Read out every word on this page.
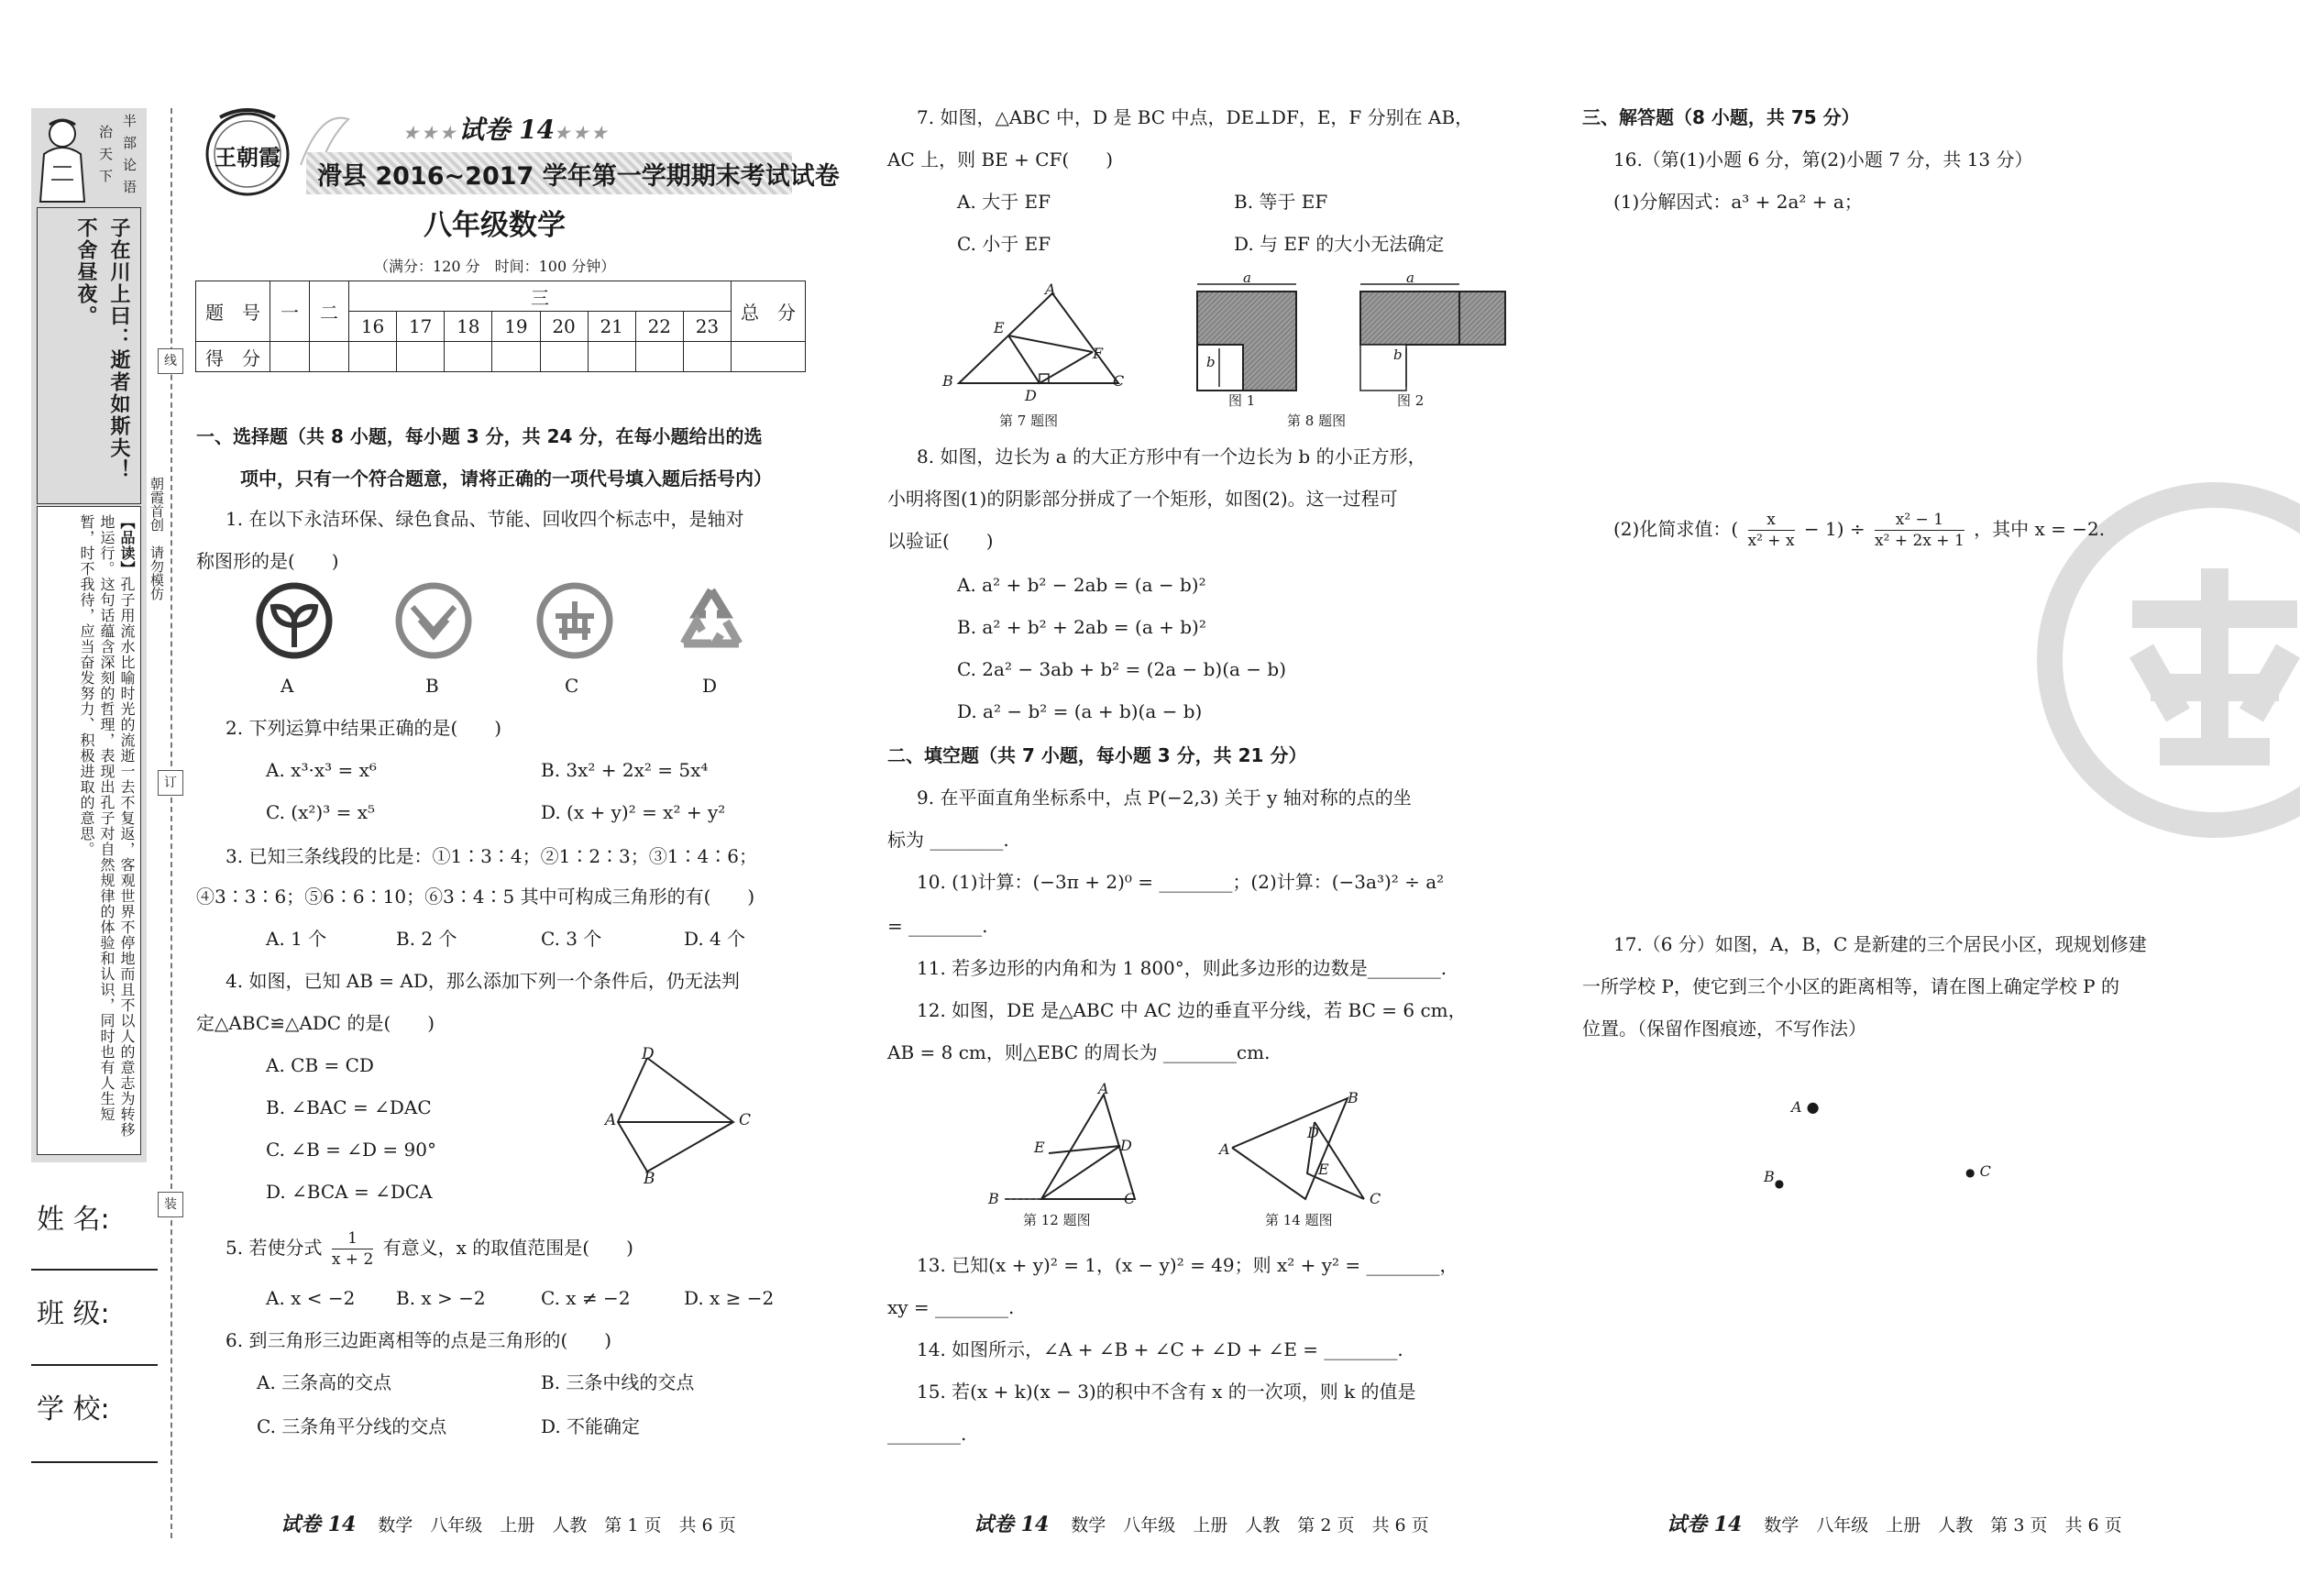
半
部
论
语
治
天
下
子在川上曰：逝者如斯夫！不舍昼夜。
【品读】孔子用流水比喻时光的流逝一去不复返，客观世界不停地而且不以人的意志为转移地运行。这句话蕴含深刻的哲理，表现出孔子对自然规律的体验和认识，同时也有人生短暂，时不我待，应当奋发努力、积极进取的意思。
姓 名:
班 级:
学 校:
线
订
装
朝霞首创　请勿模仿
王朝霞
★★★试卷 14★★★
滑县 2016~2017 学年第一学期期末考试试卷
八年级数学
（满分：120 分　时间：100 分钟）
题　号	一	二	三								总　分
			16	17	18	19	20	21	22	23	
得　分											
一、选择题（共 8 小题，每小题 3 分，共 24 分，在每小题给出的选
项中，只有一个符合题意，请将正确的一项代号填入题后括号内）
1. 在以下永洁环保、绿色食品、节能、回收四个标志中，是轴对
称图形的是(　　)
A	B	C	D
2. 下列运算中结果正确的是(　　)
A. x³·x³ = x⁶	B. 3x² + 2x² = 5x⁴
C. (x²)³ = x⁵	D. (x + y)² = x² + y²
3. 已知三条线段的比是：①1∶3∶4；②1∶2∶3；③1∶4∶6；
④3∶3∶6；⑤6∶6∶10；⑥3∶4∶5 其中可构成三角形的有(　　)
A. 1 个	B. 2 个	C. 3 个	D. 4 个
4. 如图，已知 AB = AD，那么添加下列一个条件后，仍无法判
定△ABC≌△ADC 的是(　　)
A. CB = CD
B. ∠BAC = ∠DAC
C. ∠B = ∠D = 90°
D. ∠BCA = ∠DCA
D
A	C
B
5. 若使分式 $\frac{1}{x + 2}$ 有意义，x 的取值范围是(　　)
A. x < −2 B. x > −2	C. x ≠ −2	D. x ≥ −2
6. 到三角形三边距离相等的点是三角形的(　　)
A. 三条高的交点	B. 三条中线的交点
C. 三条角平分线的交点	D. 不能确定
7. 如图，△ABC 中，D 是 BC 中点，DE⊥DF，E，F 分别在 AB，
AC 上，则 BE + CF(　　)
A. 大于 EF	B. 等于 EF
C. 小于 EF	D. 与 EF 的大小无法确定
A
E
F
B
D
C
第 7 题图
a	a
b	b
图 1	图 2
第 8 题图
8. 如图，边长为 a 的大正方形中有一个边长为 b 的小正方形，
小明将图(1)的阴影部分拼成了一个矩形，如图(2)。这一过程可
以验证(　　)
A. a² + b² − 2ab = (a − b)²
B. a² + b² + 2ab = (a + b)²
C. 2a² − 3ab + b² = (2a − b)(a − b)
D. a² − b² = (a + b)(a − b)
二、填空题（共 7 小题，每小题 3 分，共 21 分）
9. 在平面直角坐标系中，点 P(−2,3) 关于 y 轴对称的点的坐
标为 ________.
10. (1)计算：(−3π + 2)⁰ = ________；(2)计算：(−3a³)² ÷ a²
= ________.
11. 若多边形的内角和为 1 800°，则此多边形的边数是________.
12. 如图，DE 是△ABC 中 AC 边的垂直平分线，若 BC = 6 cm，
AB = 8 cm，则△EBC 的周长为 ________cm.
A
E	D
B	C
第 12 题图
A
B
D
E
C
第 14 题图
13. 已知(x + y)² = 1，(x − y)² = 49；则 x² + y² = ________，
xy = ________.
14. 如图所示，∠A + ∠B + ∠C + ∠D + ∠E = ________.
15. 若(x + k)(x − 3)的积中不含有 x 的一次项，则 k 的值是
________.
三、解答题（8 小题，共 75 分）
16.（第(1)小题 6 分，第(2)小题 7 分，共 13 分）
(1)分解因式：a³ + 2a² + a；
(2)化简求值：( $\frac{x}{\text{x² + x}} - 1) \div \frac{\text{x² − 1}}{\text{x² + 2x + 1}}$ ，其中 x = −2.
17.（6 分）如图，A，B，C 是新建的三个居民小区，现规划修建
一所学校 P，使它到三个小区的距离相等，请在图上确定学校 P 的
位置。（保留作图痕迹，不写作法）
A ●
$B_●$
● C
试卷 14 数学　八年级　上册　人教　第 1 页　共 6 页	试卷 14 数学　八年级　上册　人教　第 2 页　共 6 页	试卷 14 数学　八年级　上册　人教　第 3 页　共 6 页
